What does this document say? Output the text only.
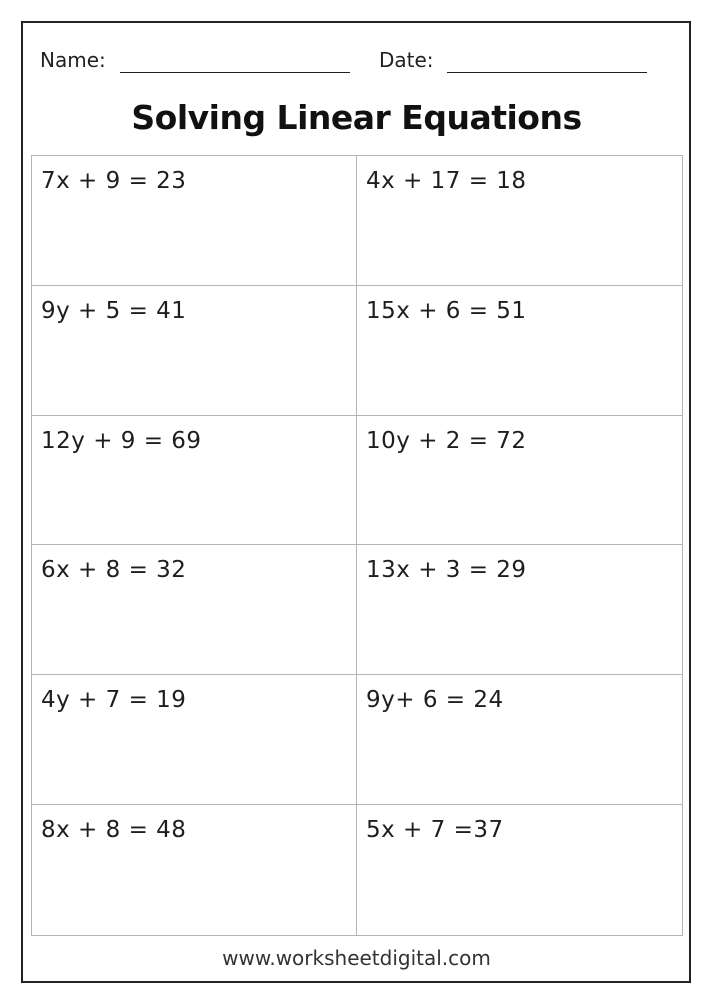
Name:	Date:
Solving Linear Equations
7x + 9 = 23	4x + 17 = 18
9y + 5 = 41	15x + 6 = 51
12y + 9 = 69	10y + 2 = 72
6x + 8 = 32	13x + 3 = 29
4y + 7 = 19	9y+ 6 = 24
8x + 8 = 48	5x + 7 =37
www.worksheetdigital.com
